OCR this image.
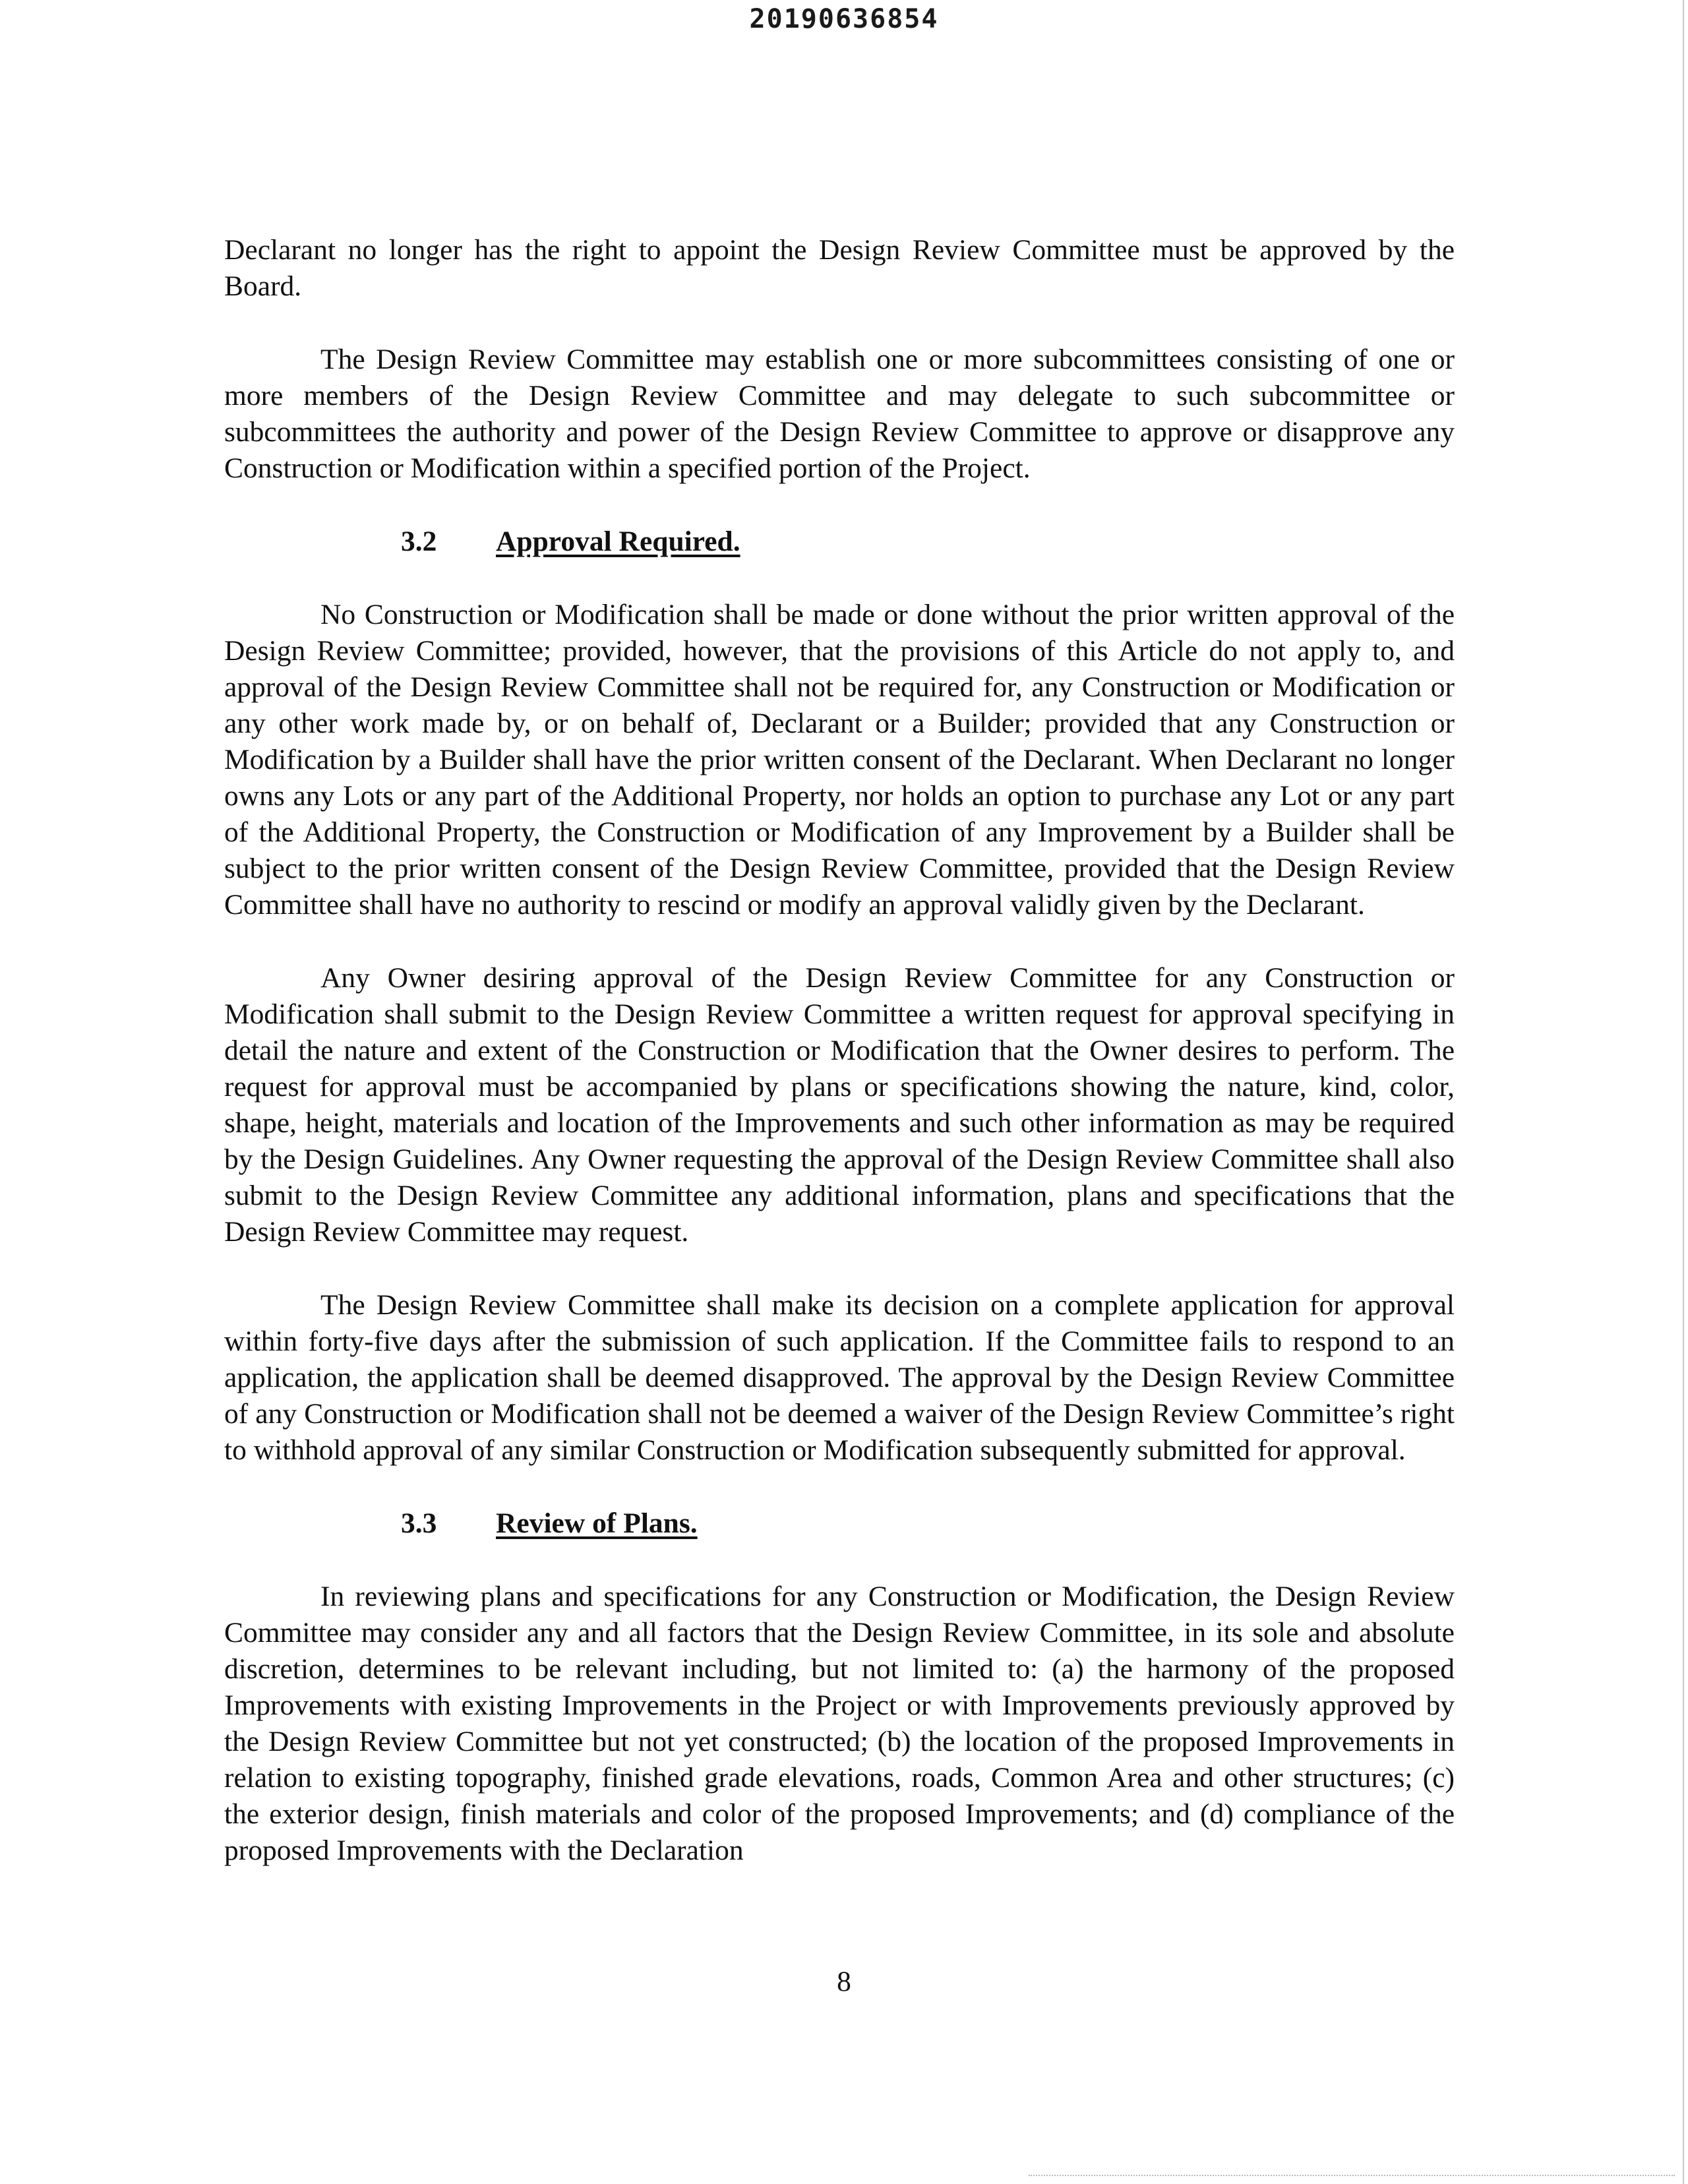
20190636854

Declarant no longer has the right to appoint the Design Review Committee must be approved by the Board.

The Design Review Committee may establish one or more subcommittees consisting of one or more members of the Design Review Committee and may delegate to such subcommittee or subcommittees the authority and power of the Design Review Committee to approve or disapprove any Construction or Modification within a specified portion of the Project.

3.2	Approval Required.

No Construction or Modification shall be made or done without the prior written approval of the Design Review Committee; provided, however, that the provisions of this Article do not apply to, and approval of the Design Review Committee shall not be required for, any Construction or Modification or any other work made by, or on behalf of, Declarant or a Builder; provided that any Construction or Modification by a Builder shall have the prior written consent of the Declarant. When Declarant no longer owns any Lots or any part of the Additional Property, nor holds an option to purchase any Lot or any part of the Additional Property, the Construction or Modification of any Improvement by a Builder shall be subject to the prior written consent of the Design Review Committee, provided that the Design Review Committee shall have no authority to rescind or modify an approval validly given by the Declarant.

Any Owner desiring approval of the Design Review Committee for any Construction or Modification shall submit to the Design Review Committee a written request for approval specifying in detail the nature and extent of the Construction or Modification that the Owner desires to perform. The request for approval must be accompanied by plans or specifications showing the nature, kind, color, shape, height, materials and location of the Improvements and such other information as may be required by the Design Guidelines. Any Owner requesting the approval of the Design Review Committee shall also submit to the Design Review Committee any additional information, plans and specifications that the Design Review Committee may request.

The Design Review Committee shall make its decision on a complete application for approval within forty-five days after the submission of such application. If the Committee fails to respond to an application, the application shall be deemed disapproved. The approval by the Design Review Committee of any Construction or Modification shall not be deemed a waiver of the Design Review Committee’s right to withhold approval of any similar Construction or Modification subsequently submitted for approval.

3.3	Review of Plans.

In reviewing plans and specifications for any Construction or Modification, the Design Review Committee may consider any and all factors that the Design Review Committee, in its sole and absolute discretion, determines to be relevant including, but not limited to: (a) the harmony of the proposed Improvements with existing Improvements in the Project or with Improvements previously approved by the Design Review Committee but not yet constructed; (b) the location of the proposed Improvements in relation to existing topography, finished grade elevations, roads, Common Area and other structures; (c) the exterior design, finish materials and color of the proposed Improvements; and (d) compliance of the proposed Improvements with the Declaration

8
